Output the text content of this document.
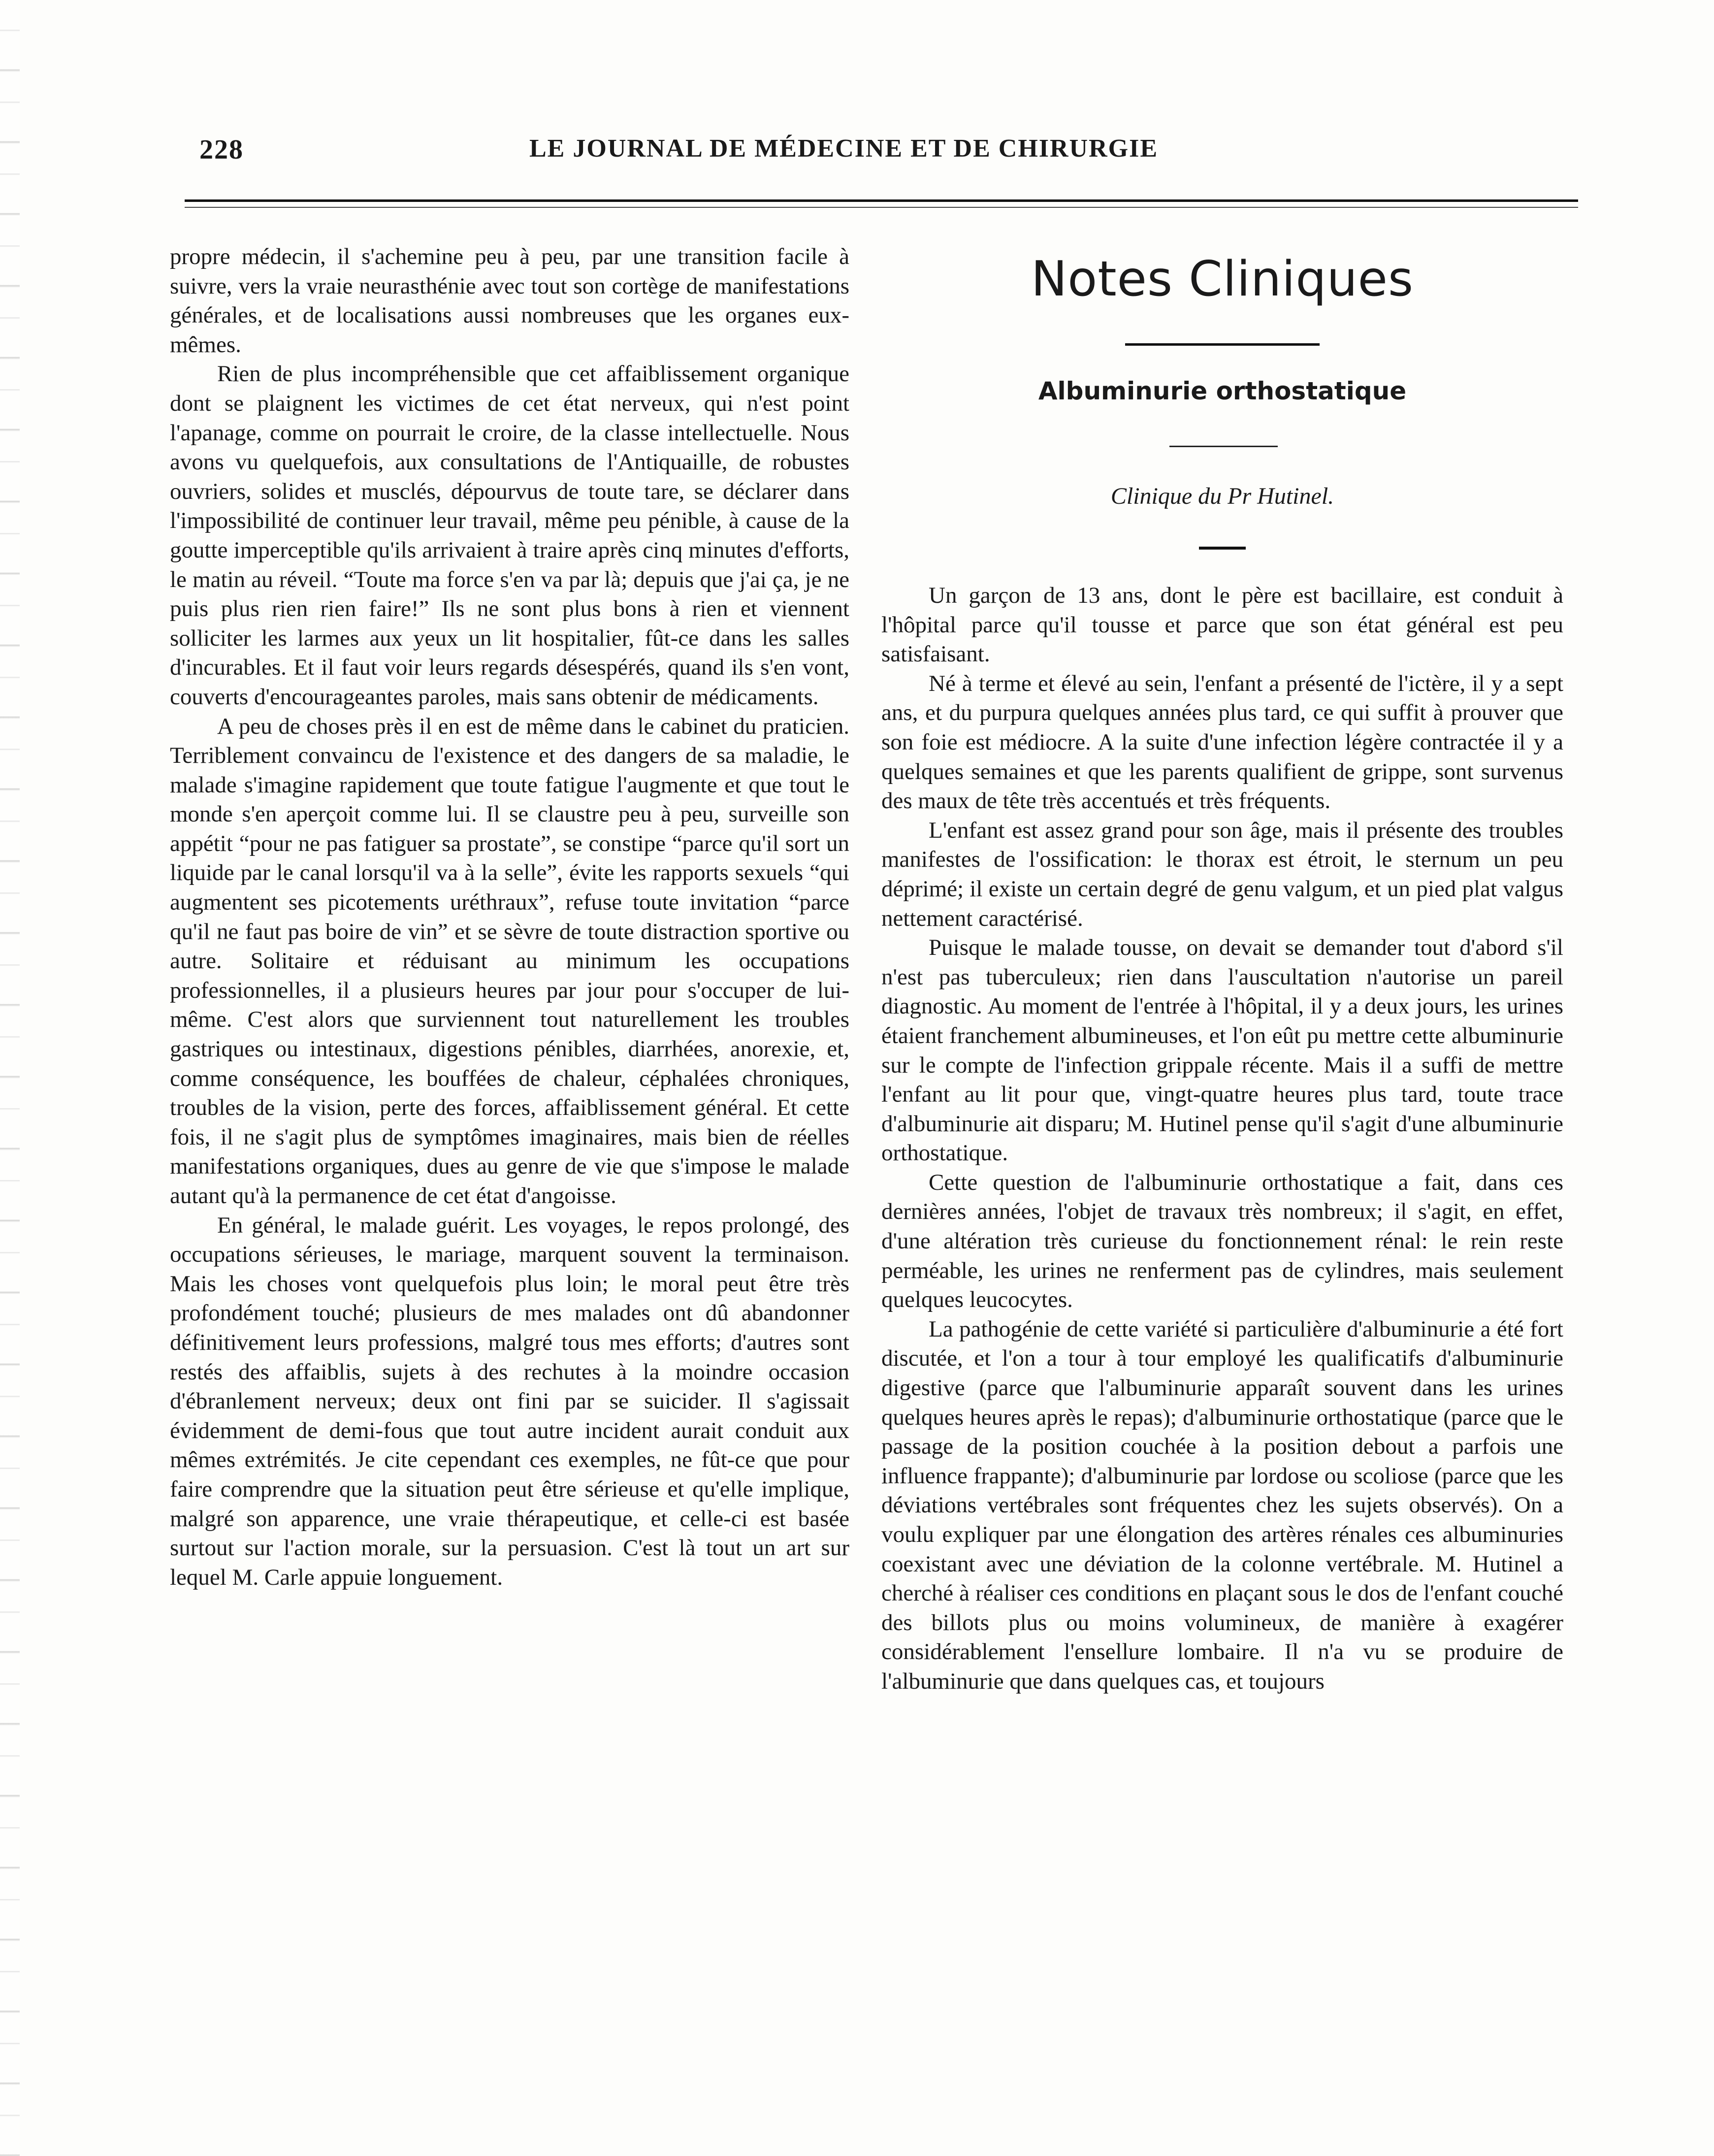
228	LE JOURNAL DE MÉDECINE ET DE CHIRURGIE

propre médecin, il s'achemine peu à peu, par une transition facile à suivre, vers la vraie neurasthénie avec tout son cortège de manifestations générales, et de localisations aussi nombreuses que les organes eux-mêmes.

Rien de plus incompréhensible que cet affaiblissement organique dont se plaignent les victimes de cet état nerveux, qui n'est point l'apanage, comme on pourrait le croire, de la classe intellectuelle. Nous avons vu quelquefois, aux consultations de l'Antiquaille, de robustes ouvriers, solides et musclés, dépourvus de toute tare, se déclarer dans l'impossibilité de continuer leur travail, même peu pénible, à cause de la goutte imperceptible qu'ils arrivaient à traire après cinq minutes d'efforts, le matin au réveil. “Toute ma force s'en va par là; depuis que j'ai ça, je ne puis plus rien rien faire!” Ils ne sont plus bons à rien et viennent solliciter les larmes aux yeux un lit hospitalier, fût-ce dans les salles d'incurables. Et il faut voir leurs regards désespérés, quand ils s'en vont, couverts d'encourageantes paroles, mais sans obtenir de médicaments.

A peu de choses près il en est de même dans le cabinet du praticien. Terriblement convaincu de l'existence et des dangers de sa maladie, le malade s'imagine rapidement que toute fatigue l'augmente et que tout le monde s'en aperçoit comme lui. Il se claustre peu à peu, surveille son appétit “pour ne pas fatiguer sa prostate”, se constipe “parce qu'il sort un liquide par le canal lorsqu'il va à la selle”, évite les rapports sexuels “qui augmentent ses picotements uréthraux”, refuse toute invitation “parce qu'il ne faut pas boire de vin” et se sèvre de toute distraction sportive ou autre. Solitaire et réduisant au minimum les occupations professionnelles, il a plusieurs heures par jour pour s'occuper de lui-même. C'est alors que surviennent tout naturellement les troubles gastriques ou intestinaux, digestions pénibles, diarrhées, anorexie, et, comme conséquence, les bouffées de chaleur, céphalées chroniques, troubles de la vision, perte des forces, affaiblissement général. Et cette fois, il ne s'agit plus de symptômes imaginaires, mais bien de réelles manifestations organiques, dues au genre de vie que s'impose le malade autant qu'à la permanence de cet état d'angoisse.

En général, le malade guérit. Les voyages, le repos prolongé, des occupations sérieuses, le mariage, marquent souvent la terminaison. Mais les choses vont quelquefois plus loin; le moral peut être très profondément touché; plusieurs de mes malades ont dû abandonner définitivement leurs professions, malgré tous mes efforts; d'autres sont restés des affaiblis, sujets à des rechutes à la moindre occasion d'ébranlement nerveux; deux ont fini par se suicider. Il s'agissait évidemment de demi-fous que tout autre incident aurait conduit aux mêmes extrémités. Je cite cependant ces exemples, ne fût-ce que pour faire comprendre que la situation peut être sérieuse et qu'elle implique, malgré son apparence, une vraie thérapeutique, et celle-ci est basée surtout sur l'action morale, sur la persuasion. C'est là tout un art sur lequel M. Carle appuie longuement.

Notes Cliniques
Albuminurie orthostatique
Clinique du Pr Hutinel.

Un garçon de 13 ans, dont le père est bacillaire, est conduit à l'hôpital parce qu'il tousse et parce que son état général est peu satisfaisant.

Né à terme et élevé au sein, l'enfant a présenté de l'ictère, il y a sept ans, et du purpura quelques années plus tard, ce qui suffit à prouver que son foie est médiocre. A la suite d'une infection légère contractée il y a quelques semaines et que les parents qualifient de grippe, sont survenus des maux de tête très accentués et très fréquents.

L'enfant est assez grand pour son âge, mais il présente des troubles manifestes de l'ossification: le thorax est étroit, le sternum un peu déprimé; il existe un certain degré de genu valgum, et un pied plat valgus nettement caractérisé.

Puisque le malade tousse, on devait se demander tout d'abord s'il n'est pas tuberculeux; rien dans l'auscultation n'autorise un pareil diagnostic. Au moment de l'entrée à l'hôpital, il y a deux jours, les urines étaient franchement albumineuses, et l'on eût pu mettre cette albuminurie sur le compte de l'infection grippale récente. Mais il a suffi de mettre l'enfant au lit pour que, vingt-quatre heures plus tard, toute trace d'albuminurie ait disparu; M. Hutinel pense qu'il s'agit d'une albuminurie orthostatique.

Cette question de l'albuminurie orthostatique a fait, dans ces dernières années, l'objet de travaux très nombreux; il s'agit, en effet, d'une altération très curieuse du fonctionnement rénal: le rein reste perméable, les urines ne renferment pas de cylindres, mais seulement quelques leucocytes.

La pathogénie de cette variété si particulière d'albuminurie a été fort discutée, et l'on a tour à tour employé les qualificatifs d'albuminurie digestive (parce que l'albuminurie apparaît souvent dans les urines quelques heures après le repas); d'albuminurie orthostatique (parce que le passage de la position couchée à la position debout a parfois une influence frappante); d'albuminurie par lordose ou scoliose (parce que les déviations vertébrales sont fréquentes chez les sujets observés). On a voulu expliquer par une élongation des artères rénales ces albuminuries coexistant avec une déviation de la colonne vertébrale. M. Hutinel a cherché à réaliser ces conditions en plaçant sous le dos de l'enfant couché des billots plus ou moins volumineux, de manière à exagérer considérablement l'ensellure lombaire. Il n'a vu se produire de l'albuminurie que dans quelques cas, et toujours
